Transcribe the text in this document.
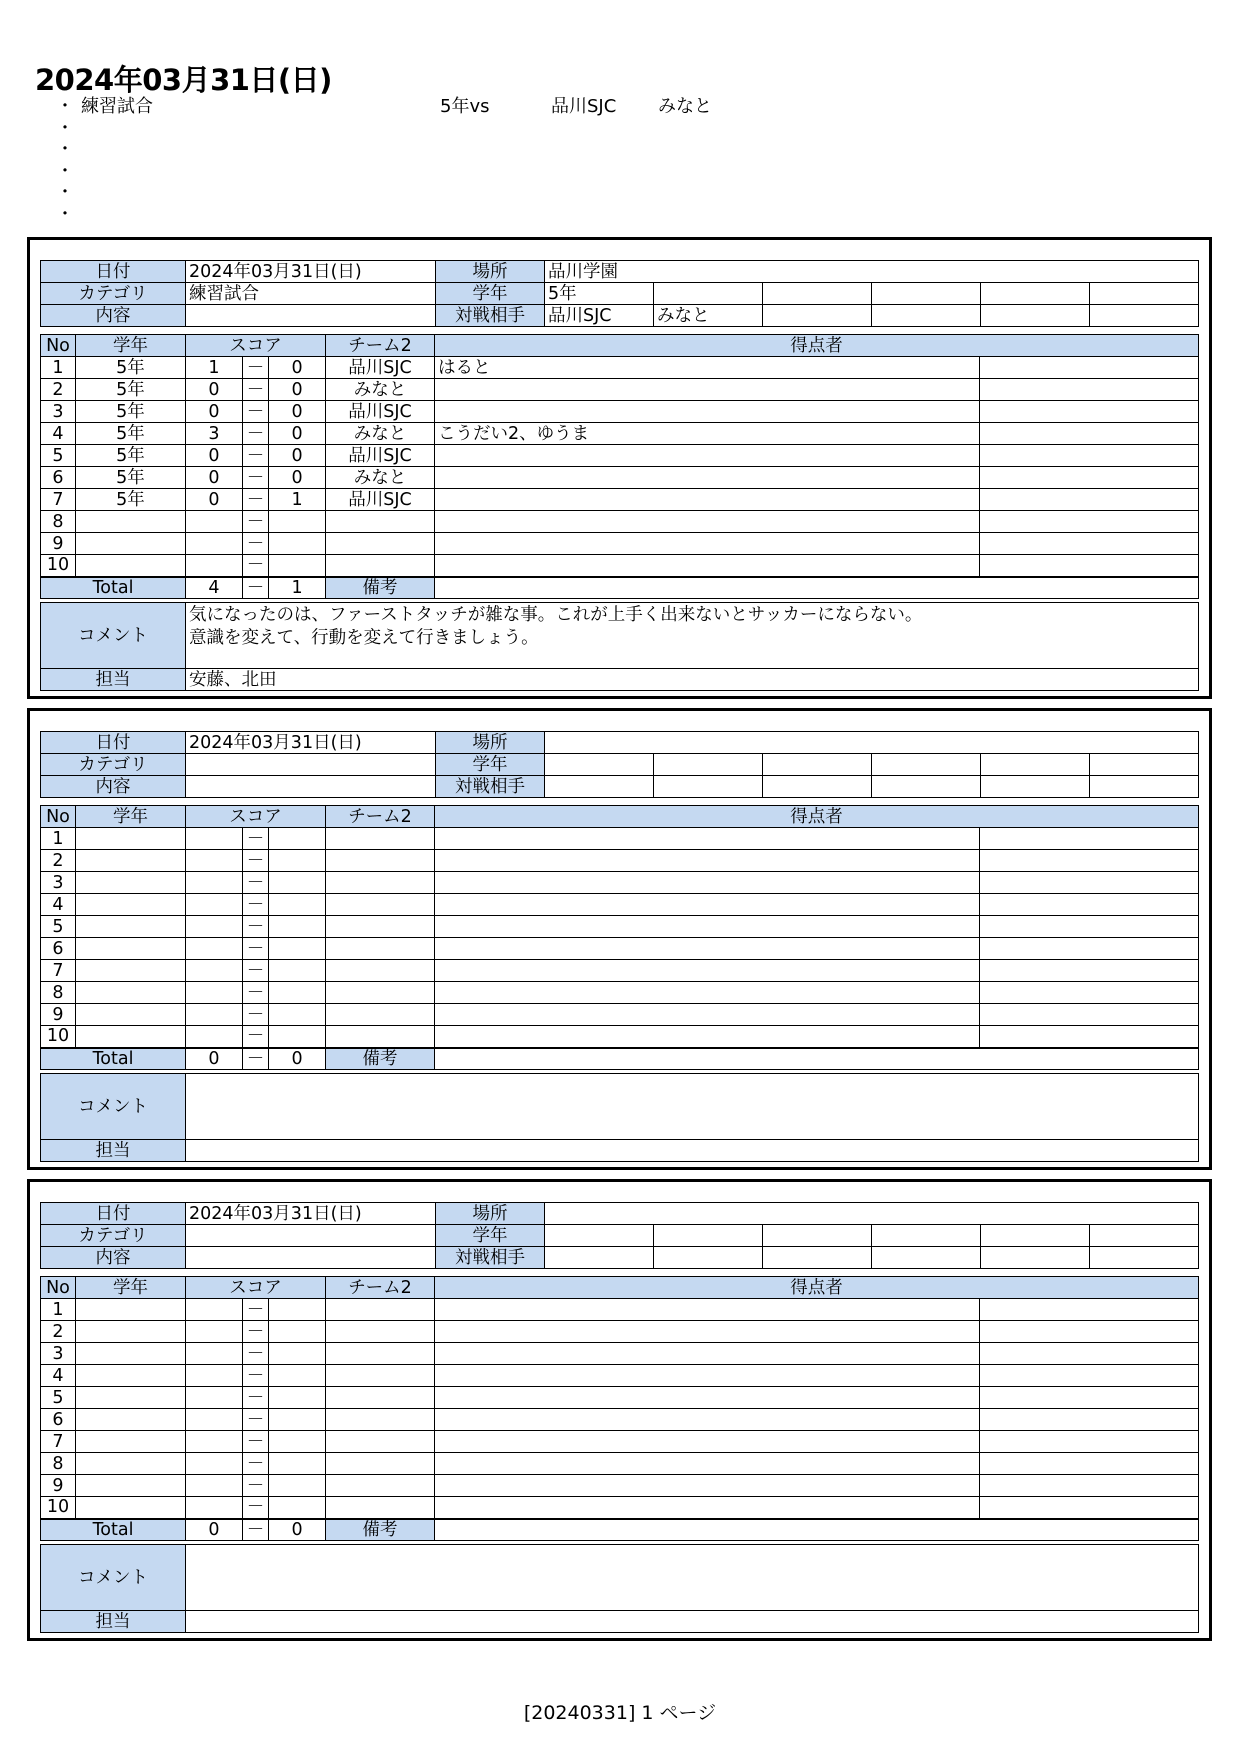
2024年03月31日(日)
・ 練習試合	5年vs	品川SJC みなと
・
・
・
・
・
日付	2024年03月31日(日)	場所	品川学園					
カテゴリ	練習試合	学年	5年					
内容		対戦相手	品川SJC	みなと				
No	学年	スコア			チーム2	得点者	
1	5年	1	－	0	品川SJC	はると	
2	5年	0	－	0	みなと		
3	5年	0	－	0	品川SJC		
4	5年	3	－	0	みなと	こうだい2、ゆうま	
5	5年	0	－	0	品川SJC		
6	5年	0	－	0	みなと		
7	5年	0	－	1	品川SJC		
8			－				
9			－				
10			－				
Total		4	－	1	備考		
コメント	気になったのは、ファーストタッチが雑な事。これが上手く出来ないとサッカーにならない。
意識を変えて、行動を変えて行きましょう。

担当	安藤、北田
日付	2024年03月31日(日)	場所						
カテゴリ		学年						
内容		対戦相手						
No	学年	スコア			チーム2	得点者	
1			－				
2			－				
3			－				
4			－				
5			－				
6			－				
7			－				
8			－				
9			－				
10			－				
Total		0	－	0	備考		
コメント	

担当	
日付	2024年03月31日(日)	場所						
カテゴリ		学年						
内容		対戦相手						
No	学年	スコア			チーム2	得点者	
1			－				
2			－				
3			－				
4			－				
5			－				
6			－				
7			－				
8			－				
9			－				
10			－				
Total		0	－	0	備考		
コメント	

担当	
[20240331] 1 ページ
